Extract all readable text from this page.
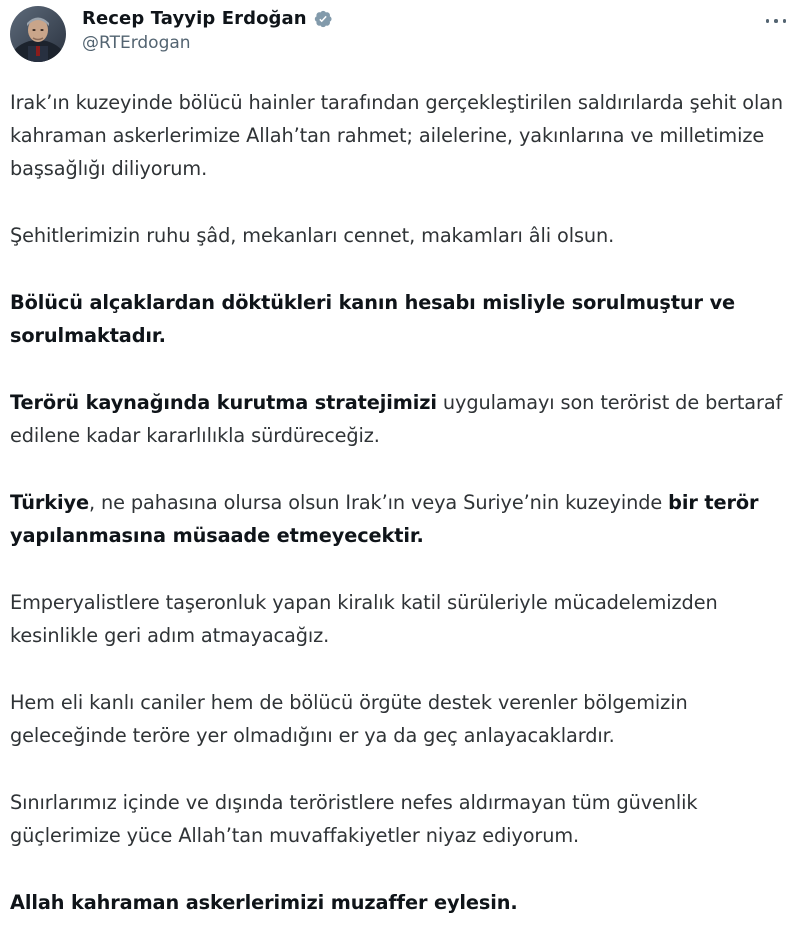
Recep Tayyip Erdoğan
@RTErdogan

Irak’ın kuzeyinde bölücü hainler tarafından gerçekleştirilen saldırılarda şehit olan kahraman askerlerimize Allah’tan rahmet; ailelerine, yakınlarına ve milletimize başsağlığı diliyorum.

Şehitlerimizin ruhu şâd, mekanları cennet, makamları âli olsun.

Bölücü alçaklardan döktükleri kanın hesabı misliyle sorulmuştur ve sorulmaktadır.

Terörü kaynağında kurutma stratejimizi uygulamayı son terörist de bertaraf edilene kadar kararlılıkla sürdüreceğiz.

Türkiye, ne pahasına olursa olsun Irak’ın veya Suriye’nin kuzeyinde bir terör yapılanmasına müsaade etmeyecektir.

Emperyalistlere taşeronluk yapan kiralık katil sürüleriyle mücadelemizden kesinlikle geri adım atmayacağız.

Hem eli kanlı caniler hem de bölücü örgüte destek verenler bölgemizin geleceğinde teröre yer olmadığını er ya da geç anlayacaklardır.

Sınırlarımız içinde ve dışında teröristlere nefes aldırmayan tüm güvenlik güçlerimize yüce Allah’tan muvaffakiyetler niyaz ediyorum.

Allah kahraman askerlerimizi muzaffer eylesin.
